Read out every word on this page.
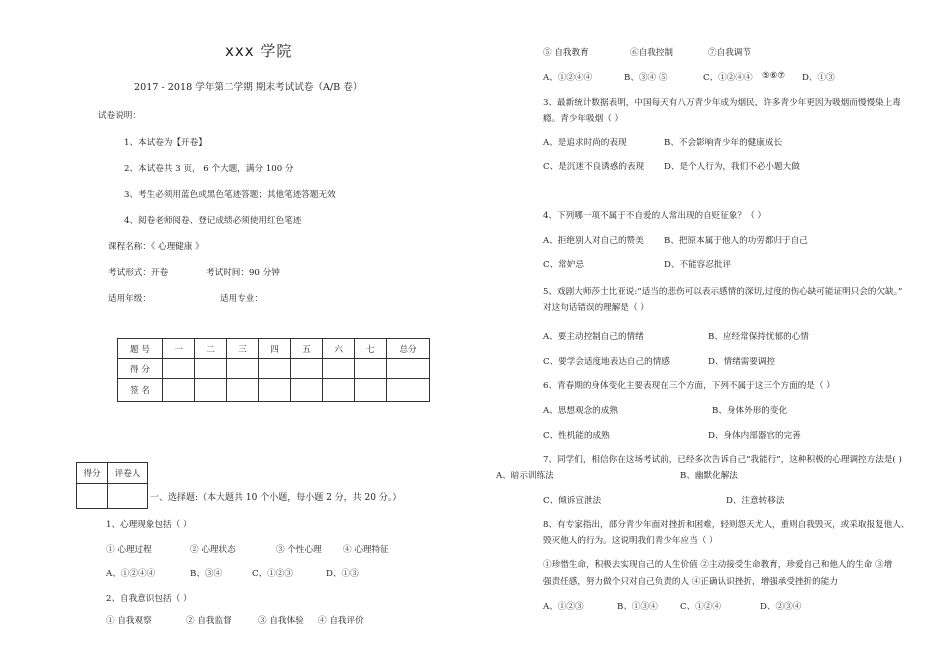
xxx 学院
2017 - 2018 学年第二学期 期末考试试卷（A/B 卷）
试卷说明：
1、本试卷为【开卷】
2、本试卷共 3 页， 6 个大题，满分 100 分
3、考生必须用蓝色或黑色笔迹答题；其他笔迹答题无效
4、阅卷老师阅卷、登记成绩必须使用红色笔迹
课程名称：《 心理健康 》
考试形式：开卷	考试时间：90 分钟
适用年级：	适用专业：
题 号	一	二	三	四	五	六	七	总分
得 分								
签 名								
得分	评卷人

一、选择题:（本大题共 10 个小题，每小题 2 分，共 20 分。）
1、心理现象包括（ ）
① 心理过程	② 心理状态	③ 个性心理 ④ 心理特征
A、①②④④	B、③④	C、①②③	D、①③
2、自我意识包括（ ）
① 自我观察	② 自我监督	③ 自我体验 ④ 自我评价
⑤ 自我教育	⑥自我控制	⑦自我调节
A、①②④④	B、③④ ⑤	C、①②④④ ⑤⑥⑦ D、①③
3、最新统计数据表明，中国每天有八万青少年成为烟民，许多青少年更因为吸烟而慢慢染上毒
瘾。青少年吸烟（ ）
A、是追求时尚的表现	B、不会影响青少年的健康成长
C、是沉迷不良诱惑的表现 D、是个人行为，我们不必小题大做
4、下列哪一项不属于不自爱的人常出现的自贬征象？（ ）
A、拒绝别人对自己的赞美 B、把原本属于他人的功劳都归于自己
C、常妒忌	D、不能容忍批评
5、戏剧大师莎士比亚说:“适当的悲伤可以表示感情的深切,过度的伤心缺可能证明只会的欠缺。”
对这句话错误的理解是（ ）
A、要主动控制自己的情绪	B、应经常保持忧郁的心情
C、要学会适度地表达自己的情感	D、情绪需要调控
6、青春期的身体变化主要表现在三个方面，下列不属于这三个方面的是（ ）
A、思想观念的成熟	B、身体外形的变化
C、性机能的成熟	D、身体内部器官的完善
7、同学们，相信你在这场考试前，已经多次告诉自己“我能行”，这种积极的心理调控方法是( )
A、暗示训练法	B、幽默化解法
C、倾诉宣泄法	D、注意转移法
8、有专家指出，部分青少年面对挫折和困难，轻则怨天尤人，重则自我毁灭，或采取报复他人、
毁灭他人的行为。这说明我们青少年应当（ ）
①珍惜生命，积极去实现自己的人生价值 ②主动接受生命教育，珍爱自己和他人的生命 ③增
强责任感，努力做个只对自己负责的人 ④正确认识挫折，增强承受挫折的能力
A、①②③	B、①③④	C、①②④	D、②③④
